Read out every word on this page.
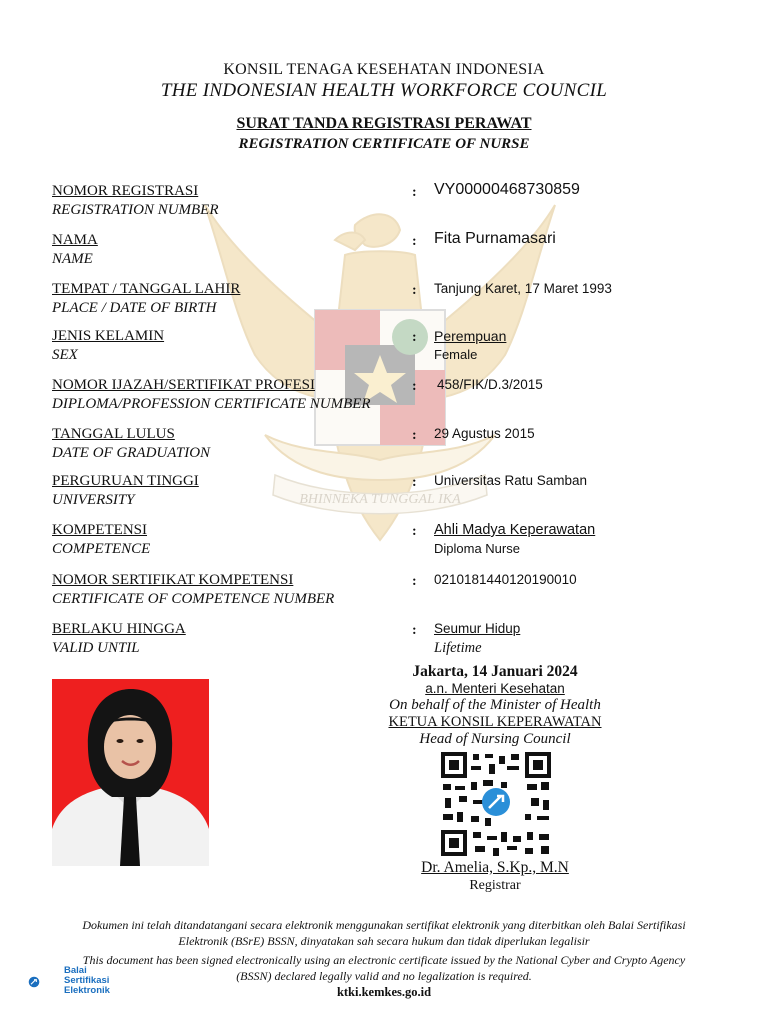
BHINNEKA TUNGGAL IKA
KONSIL TENAGA KESEHATAN INDONESIA
THE INDONESIAN HEALTH WORKFORCE COUNCIL
SURAT TANDA REGISTRASI PERAWAT
REGISTRATION CERTIFICATE OF NURSE
NOMOR REGISTRASI
REGISTRATION NUMBER
: VY00000468730859
NAMA
NAME
: Fita Purnamasari
TEMPAT / TANGGAL LAHIR
PLACE / DATE OF BIRTH
: Tanjung Karet, 17 Maret 1993
JENIS KELAMIN
SEX
: Perempuan
Female
NOMOR IJAZAH/SERTIFIKAT PROFESI
DIPLOMA/PROFESSION CERTIFICATE NUMBER
: 458/FIK/D.3/2015
TANGGAL LULUS
DATE OF GRADUATION
: 29 Agustus 2015
PERGURUAN TINGGI
UNIVERSITY
: Universitas Ratu Samban
KOMPETENSI
COMPETENCE
: Ahli Madya Keperawatan
Diploma Nurse
NOMOR SERTIFIKAT KOMPETENSI
CERTIFICATE OF COMPETENCE NUMBER
: 0210181440120190010
BERLAKU HINGGA
VALID UNTIL
: Seumur Hidup
Lifetime
Jakarta, 14 Januari 2024
a.n. Menteri Kesehatan
On behalf of the Minister of Health
KETUA KONSIL KEPERAWATAN
Head of Nursing Council
Dr. Amelia, S.Kp., M.N
Registrar
Dokumen ini telah ditandatangani secara elektronik menggunakan sertifikat elektronik yang diterbitkan oleh Balai Sertifikasi
Elektronik (BSrE) BSSN, dinyatakan sah secara hukum dan tidak diperlukan legalisir
This document has been signed electronically using an electronic certificate issued by the National Cyber and Crypto Agency
(BSSN) declared legally valid and no legalization is required.
Balai
Sertifikasi
Elektronik	ktki.kemkes.go.id
